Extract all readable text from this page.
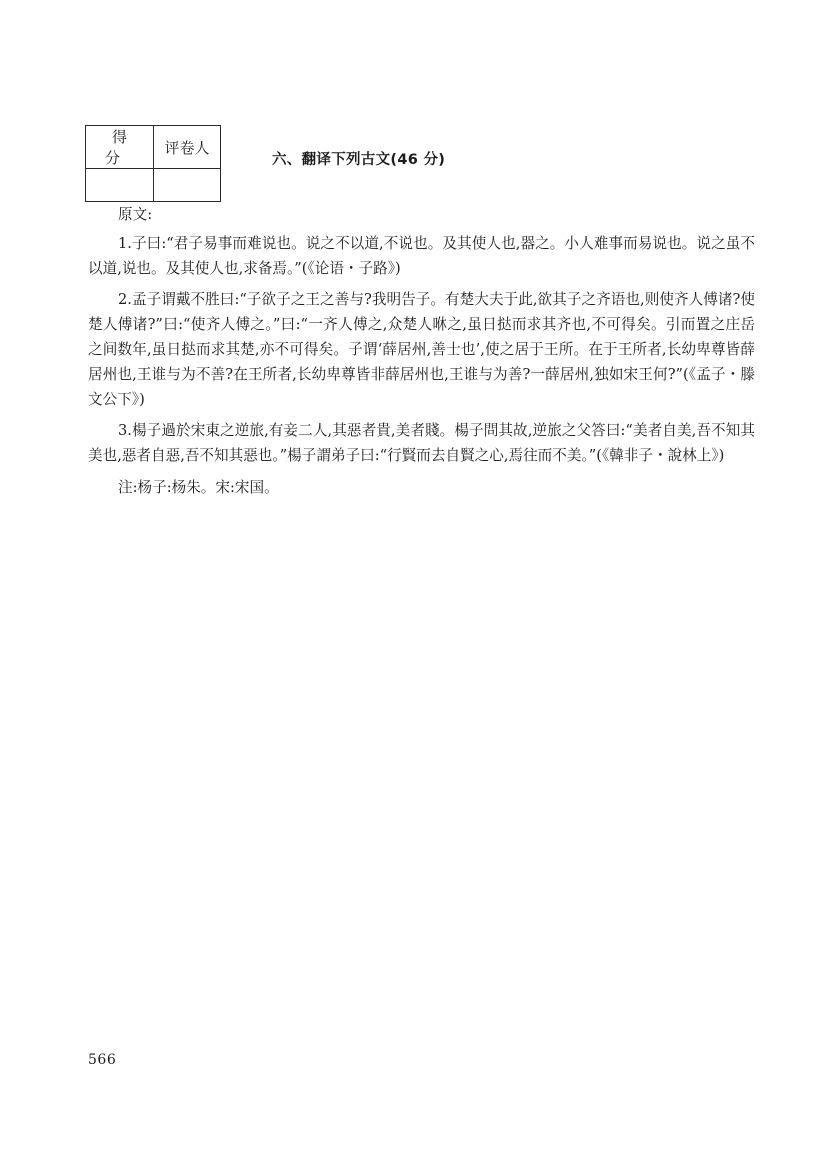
得 分	评卷人

六、翻译下列古文(46 分)

原文:

1.子曰:“君子易事而难说也。说之不以道,不说也。及其使人也,器之。小人难事而易说也。说之虽不以道,说也。及其使人也,求备焉。”(《论语・子路》)

2.孟子谓戴不胜曰:“子欲子之王之善与?我明告子。有楚大夫于此,欲其子之齐语也,则使齐人傅诸?使楚人傅诸?”曰:“使齐人傅之。”曰:“一齐人傅之,众楚人咻之,虽日挞而求其齐也,不可得矣。引而置之庄岳之间数年,虽日挞而求其楚,亦不可得矣。子谓‘薛居州,善士也’,使之居于王所。在于王所者,长幼卑尊皆薛居州也,王谁与为不善?在王所者,长幼卑尊皆非薛居州也,王谁与为善?一薛居州,独如宋王何?”(《孟子・滕文公下》)

3.楊子過於宋東之逆旅,有妾二人,其惡者貴,美者賤。楊子問其故,逆旅之父答曰:“美者自美,吾不知其美也,惡者自惡,吾不知其惡也。”楊子謂弟子曰:“行賢而去自賢之心,焉往而不美。”(《韓非子・說林上》)

注:杨子:杨朱。宋:宋国。

566
